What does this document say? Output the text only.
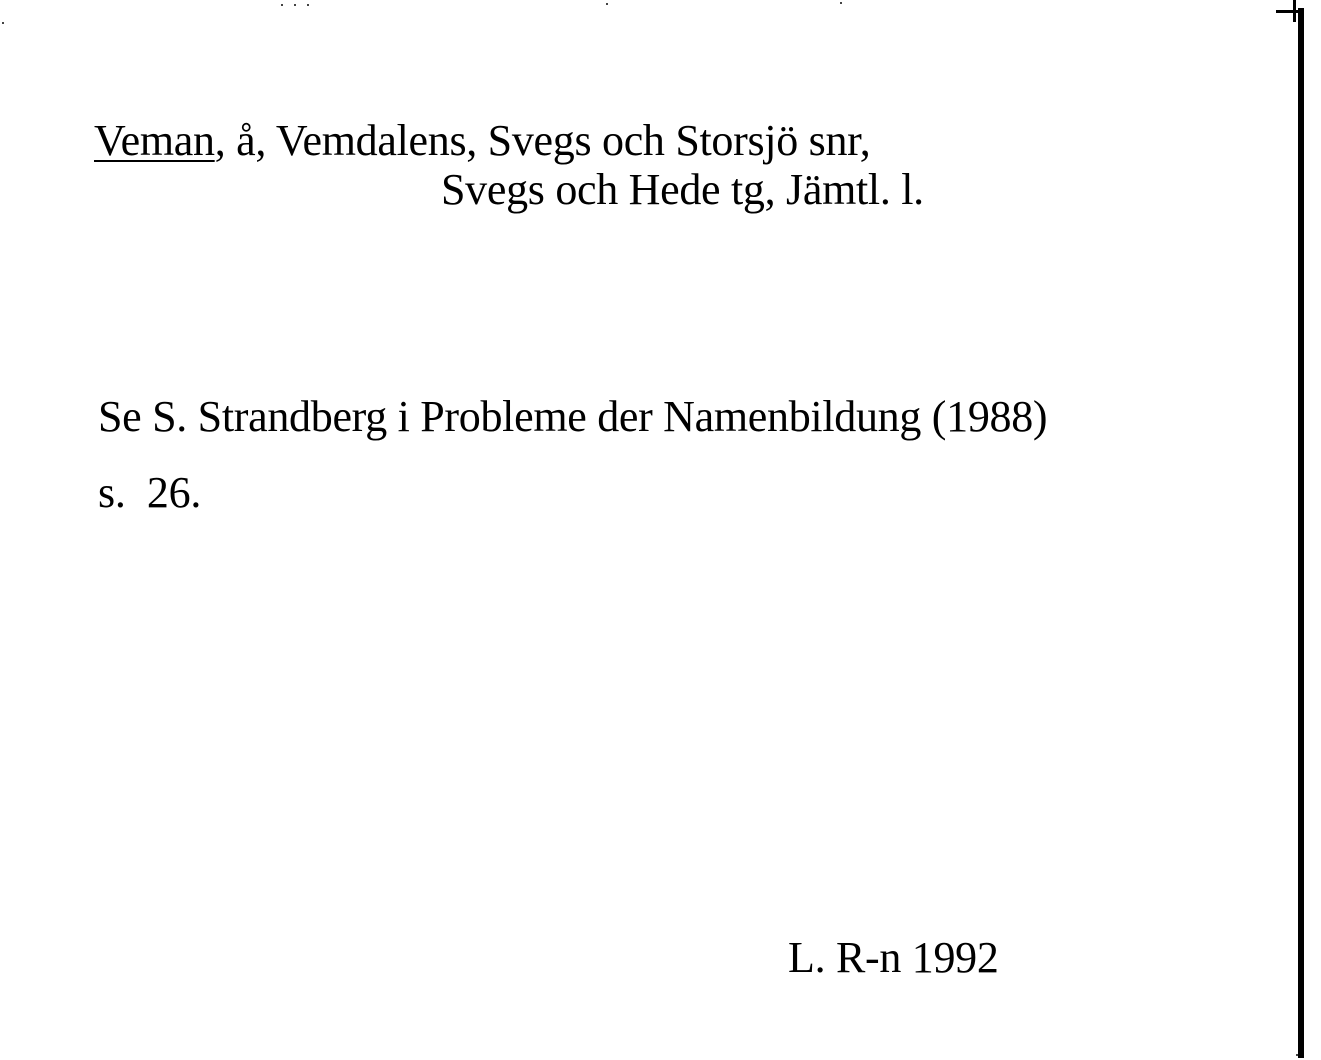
Veman, å, Vemdalens, Svegs och Storsjö snr,
Svegs och Hede tg, Jämtl. l.
Se S. Strandberg i Probleme der Namenbildung (1988)
s.  26.
L. R-n 1992
